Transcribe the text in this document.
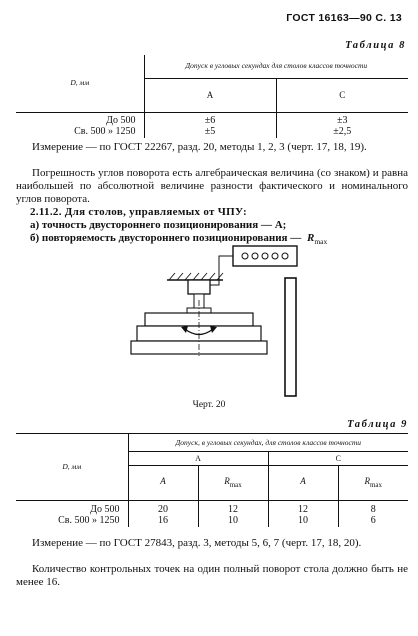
ГОСТ 16163—90 С. 13
Таблица 8
D, мм	Допуск в угловых секундах для столов классов точности	
	A	C
До 500	±6	±3
Св. 500 » 1250	±5	±2,5

Измерение — по ГОСТ 22267, разд. 20, методы 1, 2, 3 (черт. 17, 18, 19).

Погрешность углов поворота есть алгебраическая величина (со знаком) и равна наибольшей по абсолютной величине разности фактического и номинального углов поворота.

2.11.2. Для столов, управляемых от ЧПУ:
а) точность двустороннего позиционирования — A;
б) повторяемость двустороннего позиционирования — $R_{max}$
Черт. 20
Таблица 9
D, мм	Допуск, в угловых секундах, для столов классов точности			
	A		C	
	A	$R_{max}$	A	$R_{max}$
До 500	20	12	12	8
Св. 500 » 1250	16	10	10	6

Измерение — по ГОСТ 27843, разд. 3, методы 5, 6, 7 (черт. 17, 18, 20).

Количество контрольных точек на один полный поворот стола должно быть не менее 16.
